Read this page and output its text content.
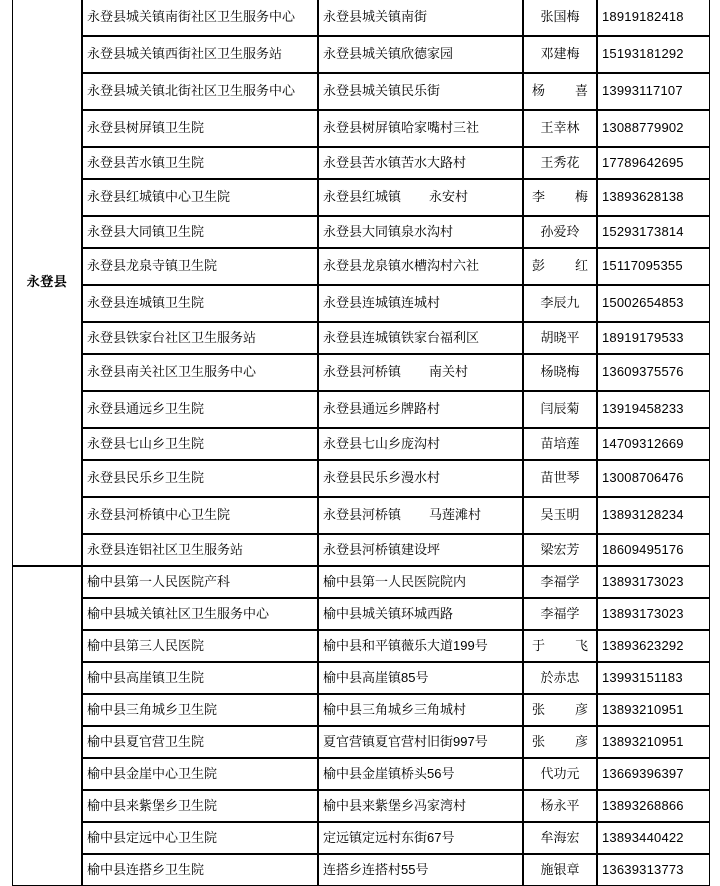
永登县	永登县城关镇南街社区卫生服务中心	永登县城关镇南街	张国梅	18919182418
	永登县城关镇西街社区卫生服务站	永登县城关镇欣德家园	邓建梅	15193181292
	永登县城关镇北街社区卫生服务中心	永登县城关镇民乐街	杨喜	13993117107
	永登县树屏镇卫生院	永登县树屏镇哈家嘴村三社	王幸林	13088779902
	永登县苦水镇卫生院	永登县苦水镇苦水大路村	王秀花	17789642695
	永登县红城镇中心卫生院	永登县红城镇 永安村	李梅	13893628138
	永登县大同镇卫生院	永登县大同镇泉水沟村	孙爱玲	15293173814
	永登县龙泉寺镇卫生院	永登县龙泉镇水槽沟村六社	彭红	15117095355
	永登县连城镇卫生院	永登县连城镇连城村	李辰九	15002654853
	永登县铁家台社区卫生服务站	永登县连城镇铁家台福利区	胡晓平	18919179533
	永登县南关社区卫生服务中心	永登县河桥镇 南关村	杨晓梅	13609375576
	永登县通远乡卫生院	永登县通远乡牌路村	闫辰菊	13919458233
	永登县七山乡卫生院	永登县七山乡庞沟村	苗培莲	14709312669
	永登县民乐乡卫生院	永登县民乐乡漫水村	苗世琴	13008706476
	永登县河桥镇中心卫生院	永登县河桥镇 马莲滩村	吴玉明	13893128234
	永登县连铝社区卫生服务站	永登县河桥镇建设坪	梁宏芳	18609495176
	榆中县第一人民医院产科	榆中县第一人民医院院内	李福学	13893173023
	榆中县城关镇社区卫生服务中心	榆中县城关镇环城西路	李福学	13893173023
	榆中县第三人民医院	榆中县和平镇薇乐大道199号	于飞	13893623292
	榆中县高崖镇卫生院	榆中县高崖镇85号	於赤忠	13993151183
	榆中县三角城乡卫生院	榆中县三角城乡三角城村	张彦	13893210951
	榆中县夏官营卫生院	夏官营镇夏官营村旧街997号	张彦	13893210951
	榆中县金崖中心卫生院	榆中县金崖镇桥头56号	代功元	13669396397
	榆中县来紫堡乡卫生院	榆中县来紫堡乡冯家湾村	杨永平	13893268866
	榆中县定远中心卫生院	定远镇定远村东街67号	牟海宏	13893440422
	榆中县连搭乡卫生院	连搭乡连搭村55号	施银章	13639313773
